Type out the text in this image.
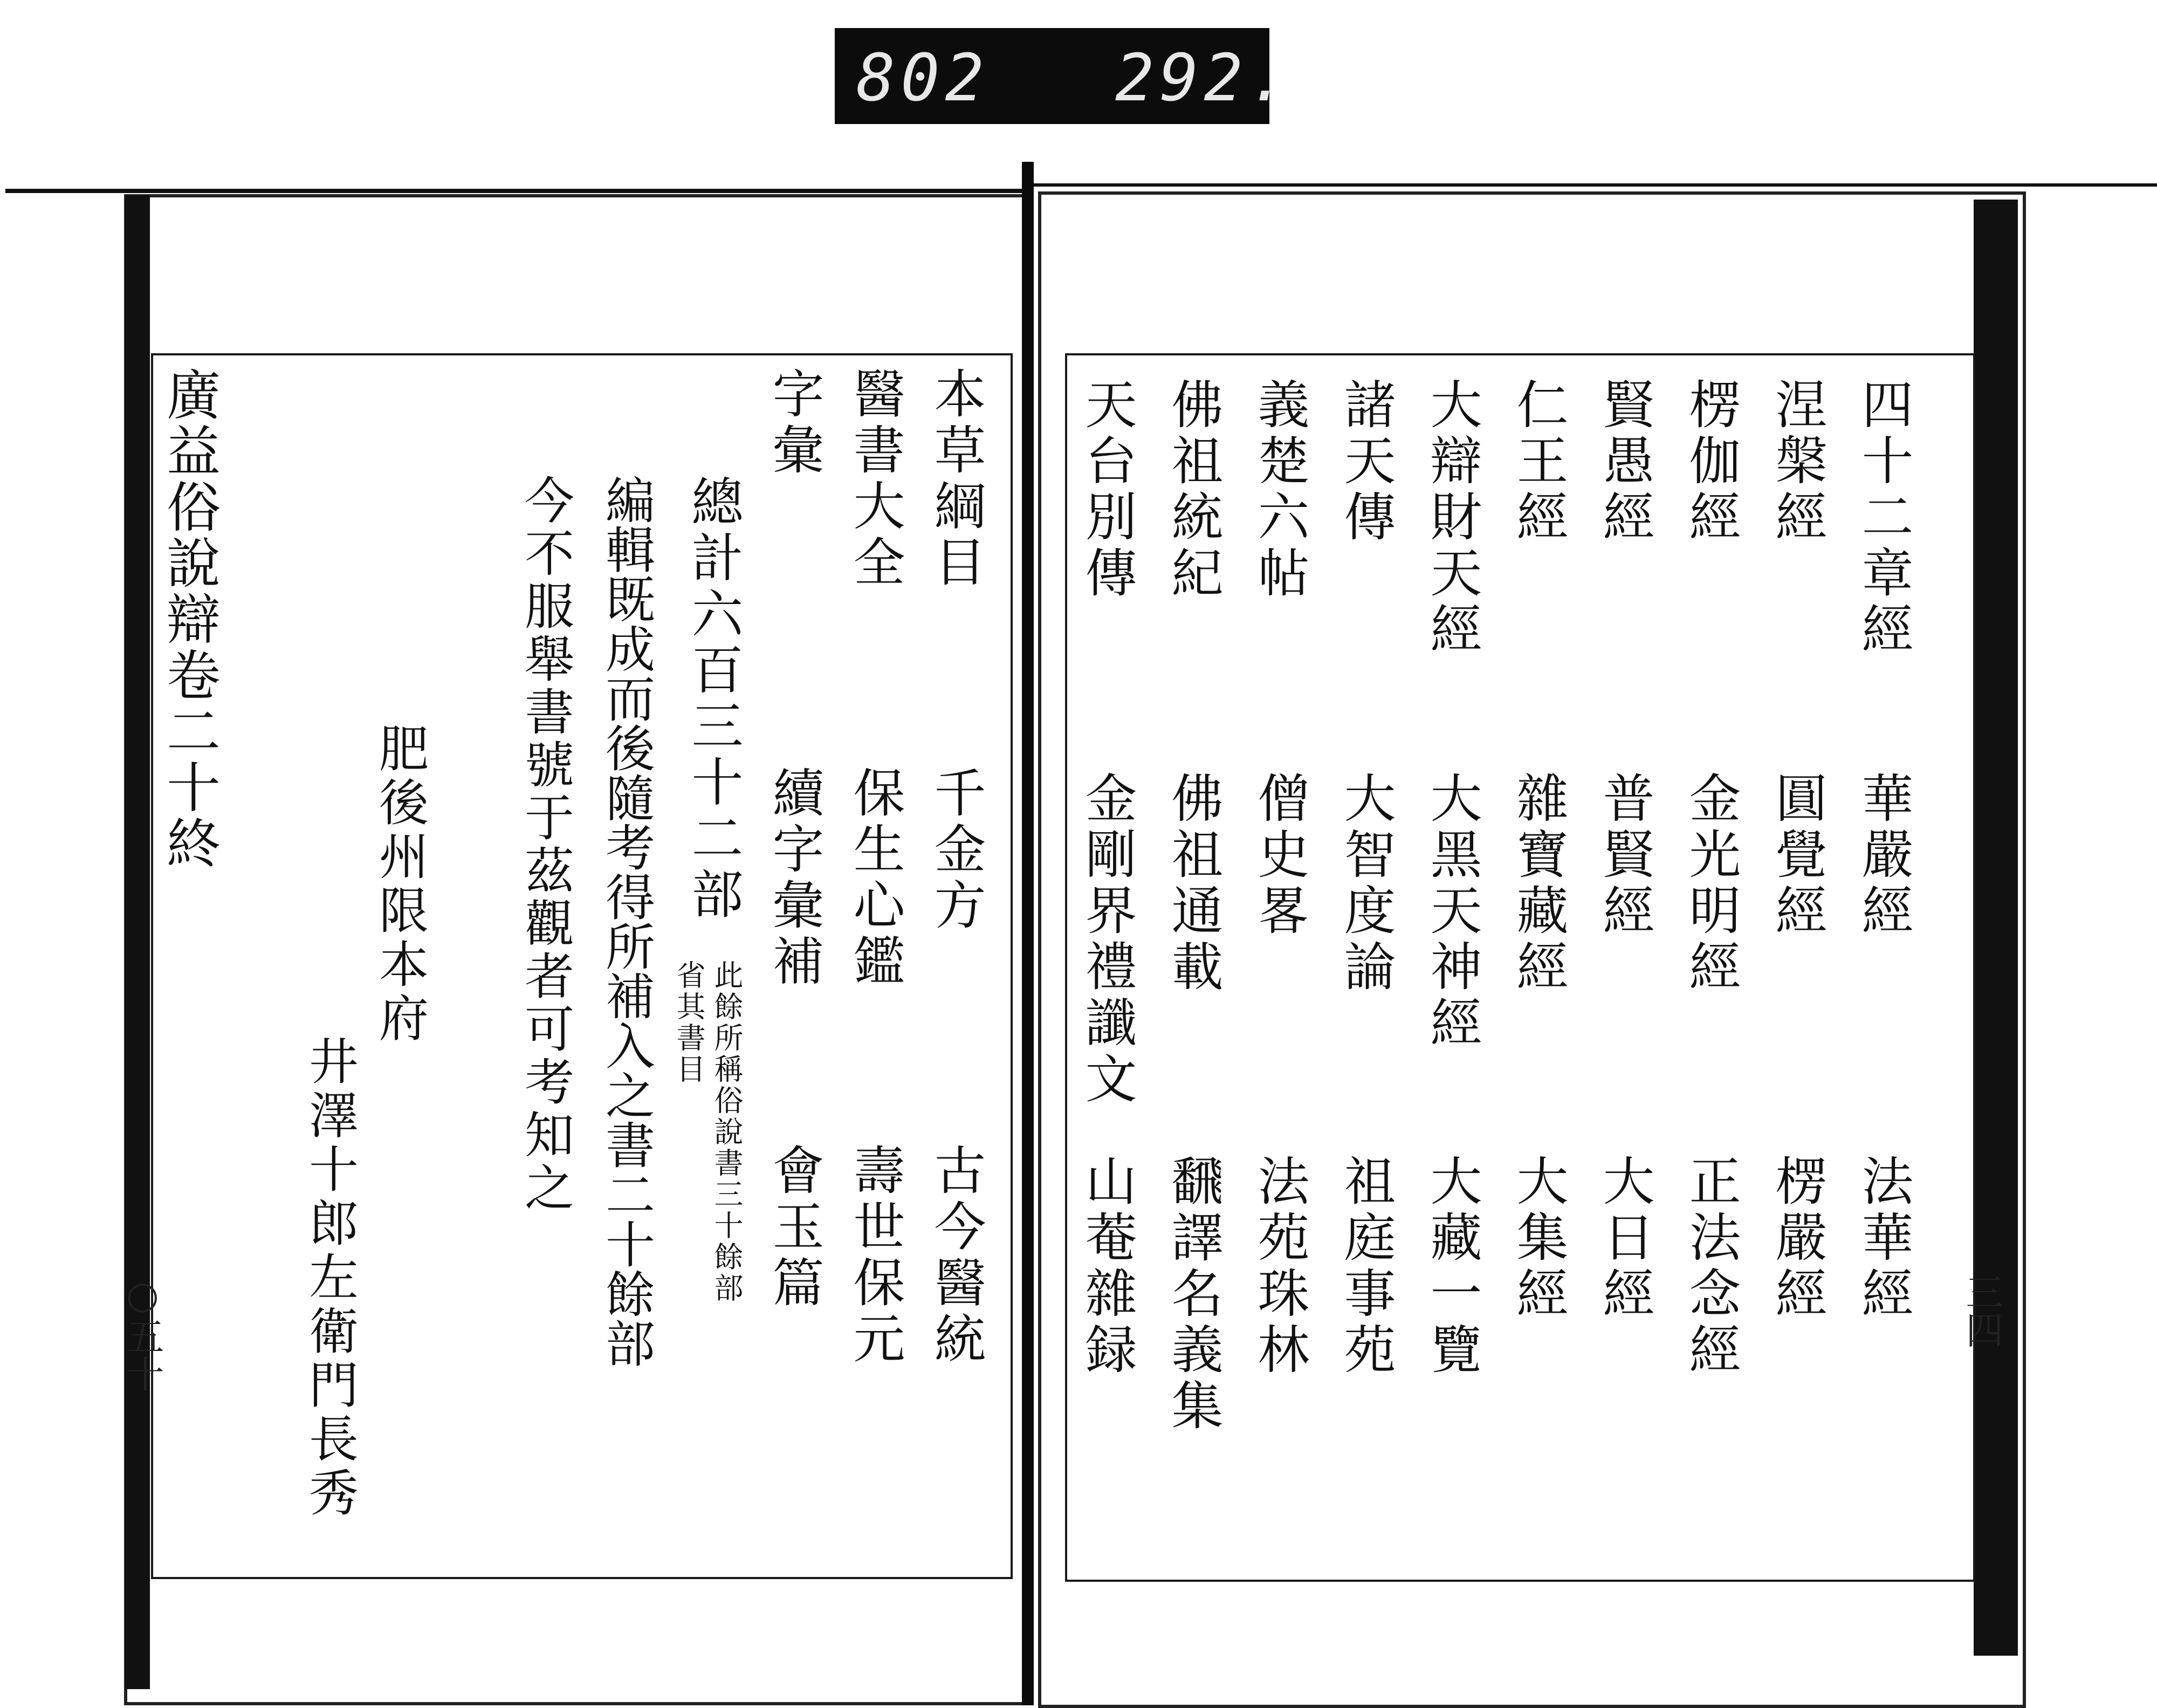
802 292.
四十二章經
華嚴經
法華經
涅槃經
圓覺經
楞嚴經
楞伽經
金光明經
正法念經
賢愚經
普賢經
大日經
仁王經
雜寶藏經
大集經
大辯財天經
大黑天神經
大藏一覽
諸天傳
大智度論
祖庭事苑
義楚六帖
僧史畧
法苑珠林
佛祖統紀
佛祖通載
飜譯名義集
天台別傳
金剛界禮讖文
山菴雜録
本草綱目
千金方
古今醫統
醫書大全
保生心鑑
壽世保元
字彙
續字彙補
會玉篇
總計六百三十二部
此餘所稱俗說書三十餘部
省其書目
編輯既成而後隨考得所補入之書二十餘部
今不服舉書號于茲觀者可考知之
肥後州限本府
井澤十郎左衛門長秀
廣益俗說辯卷二十終
○五十	三四
